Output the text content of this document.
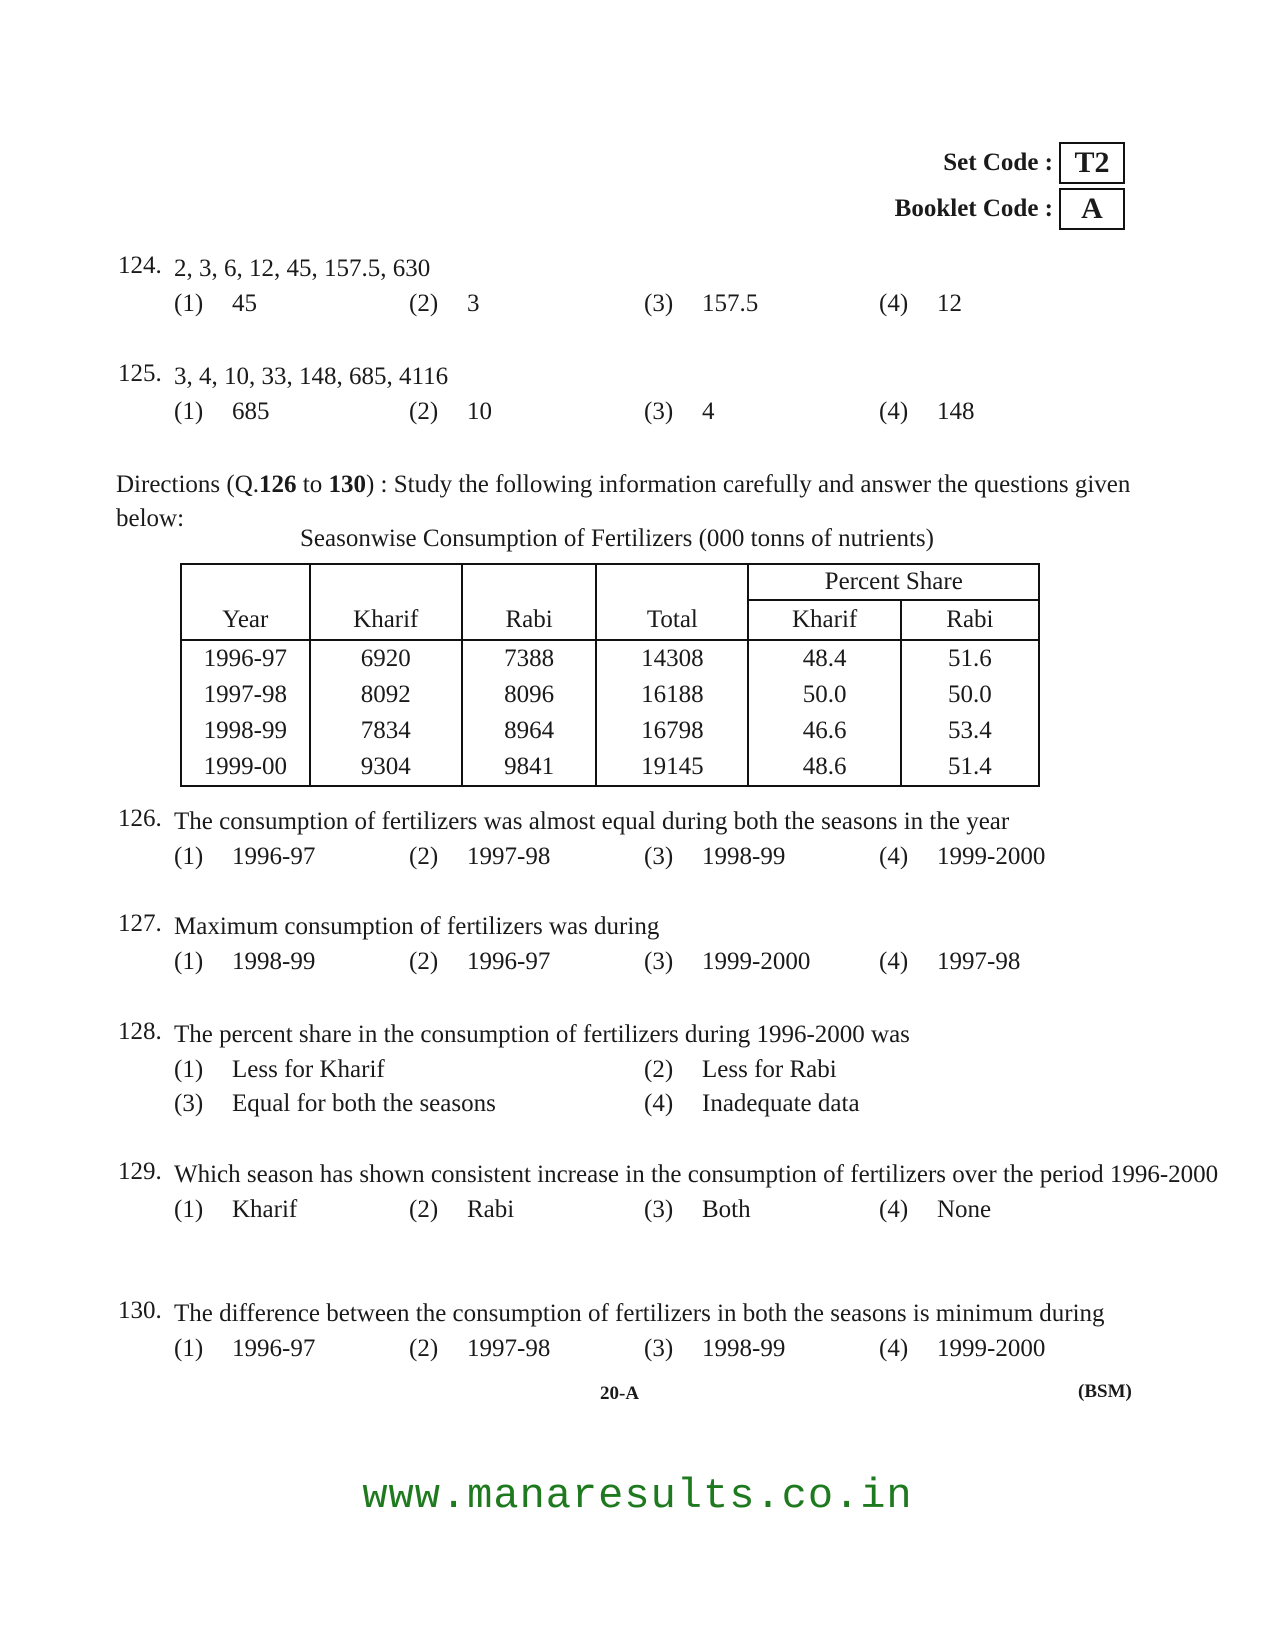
Set Code : T2
Booklet Code : A
124. 2, 3, 6, 12, 45, 157.5, 630
(1)	45	(2)	3	(3)	157.5	(4)	12
125. 3, 4, 10, 33, 148, 685, 4116
(1)	685	(2)	10	(3)	4	(4)	148
Directions (Q.126 to 130) : Study the following information carefully and answer the questions given below:
Seasonwise Consumption of Fertilizers (000 tonns of nutrients)
				Percent Share	
Year	Kharif	Rabi	Total	Kharif	Rabi
1996-97	6920	7388	14308	48.4	51.6
1997-98	8092	8096	16188	50.0	50.0
1998-99	7834	8964	16798	46.6	53.4
1999-00	9304	9841	19145	48.6	51.4
126. The consumption of fertilizers was almost equal during both the seasons in the year
(1)	1996-97	(2)	1997-98	(3)	1998-99	(4)	1999-2000
127. Maximum consumption of fertilizers was during
(1)	1998-99	(2)	1996-97	(3)	1999-2000	(4)	1997-98
128. The percent share in the consumption of fertilizers during 1996-2000 was
(1)	Less for Kharif	(2)	Less for Rabi
(3)	Equal for both the seasons	(4)	Inadequate data
129. Which season has shown consistent increase in the consumption of fertilizers over the period 1996-2000
(1)	Kharif	(2)	Rabi	(3)	Both	(4)	None
130. The difference between the consumption of fertilizers in both the seasons is minimum during
(1)	1996-97	(2)	1997-98	(3)	1998-99	(4)	1999-2000
20-A	(BSM)
www.manaresults.co.in
